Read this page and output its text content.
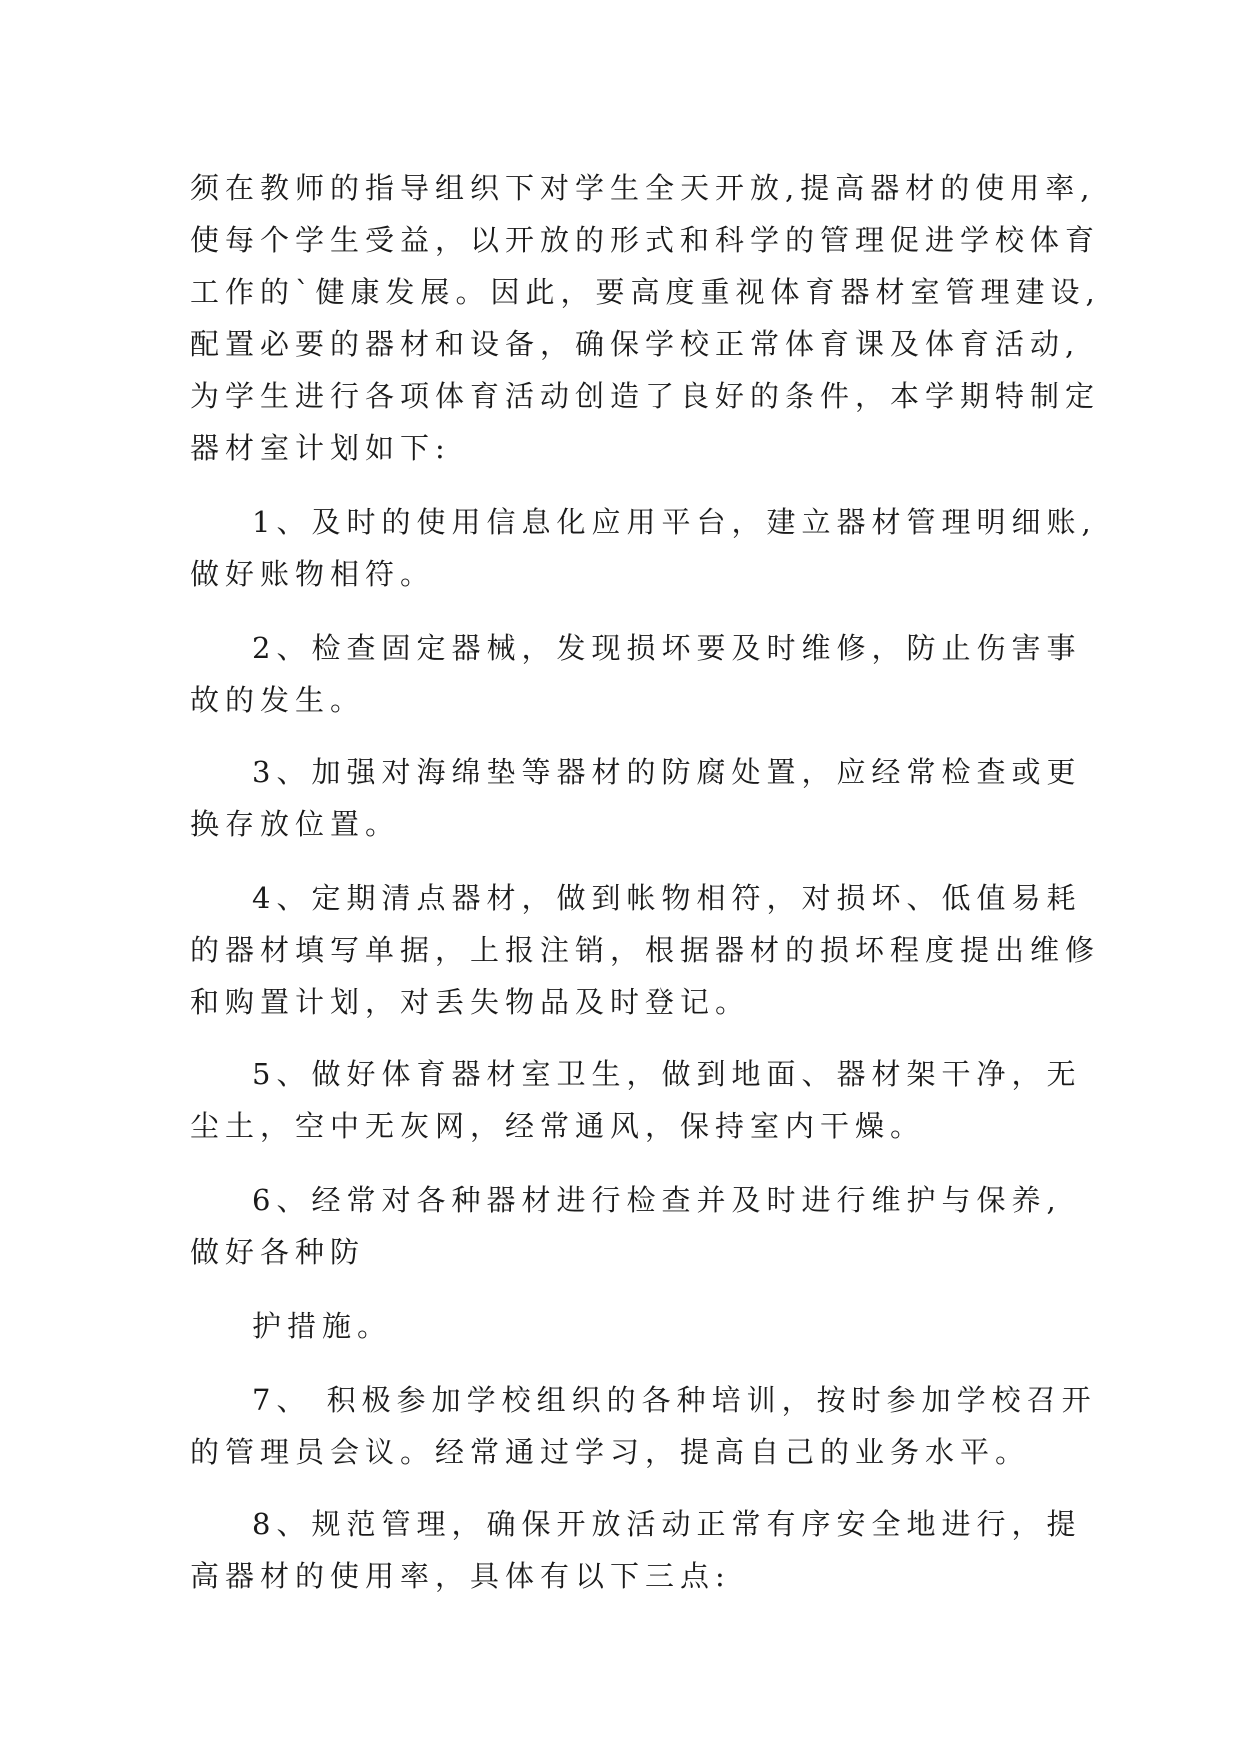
须在教师的指导组织下对学生全天开放,提高器材的使用率,
使每个学生受益，以开放的形式和科学的管理促进学校体育
工作的`健康发展。因此，要高度重视体育器材室管理建设,
配置必要的器材和设备，确保学校正常体育课及体育活动,
为学生进行各项体育活动创造了良好的条件，本学期特制定
器材室计划如下:
1、及时的使用信息化应用平台，建立器材管理明细账,
做好账物相符。
2、检查固定器械，发现损坏要及时维修，防止伤害事
故的发生。
3、加强对海绵垫等器材的防腐处置，应经常检查或更
换存放位置。
4、定期清点器材，做到帐物相符，对损坏、低值易耗
的器材填写单据，上报注销，根据器材的损坏程度提出维修
和购置计划，对丢失物品及时登记。
5、做好体育器材室卫生，做到地面、器材架干净，无
尘土，空中无灰网，经常通风，保持室内干燥。
6、经常对各种器材进行检查并及时进行维护与保养,
做好各种防
护措施。
7、 积极参加学校组织的各种培训，按时参加学校召开
的管理员会议。经常通过学习，提高自己的业务水平。
8、规范管理，确保开放活动正常有序安全地进行，提
高器材的使用率，具体有以下三点:
